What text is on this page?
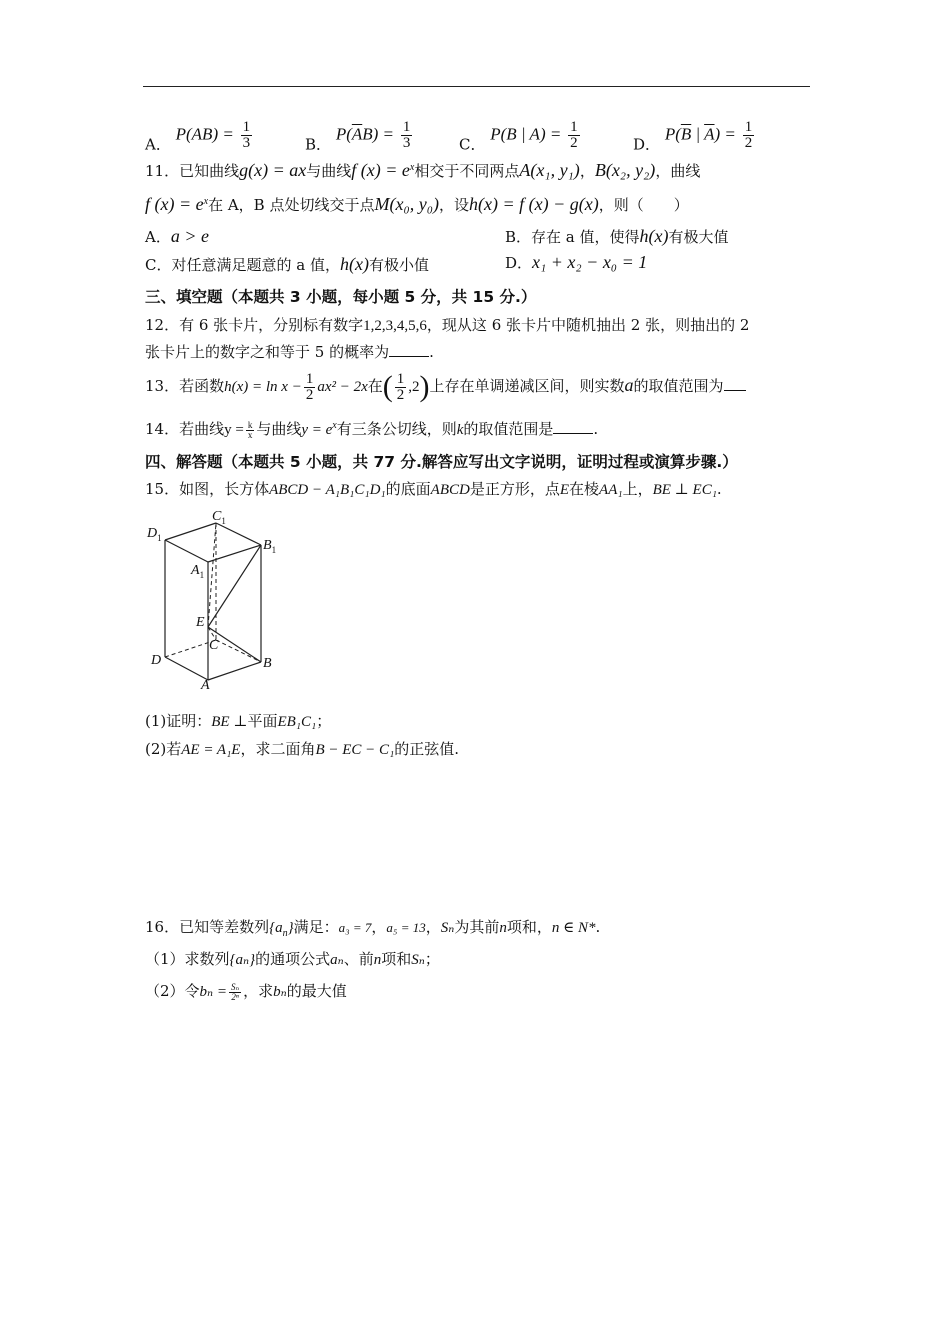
A． $P(AB) = \frac{1}{3}$	B． $P(\overline{A}B) = \frac{1}{3}$	C． P(B | $A) = \frac{1}{2}$	D． $P(\overline{B}$ | $\overline{A}) = \frac{1}{2}$
11．已知曲线g(x) = ax与曲线f $(x) = e^x$相交于不同两点A(x₁, y₁)，B(x₂, y₂)，曲线
f $(x) = e^x$在 A，B 点处切线交于点M(x₀, y₀)，设h(x) = f (x) − g(x)，则（　　）
A．a > e	B．存在 a 值，使得h(x)有极大值
C．对任意满足题意的 a 值，h(x)有极小值	D．x₁ + x₂ − x₀ = 1
三、填空题（本题共 3 小题，每小题 5 分，共 15 分.）
12．有 6 张卡片，分别标有数字1,2,3,4,5,6，现从这 6 张卡片中随机抽出 2 张，则抽出的 2
张卡片上的数字之和等于 5 的概率为	.
13．若函数$h(x) = \ln x - \frac{1}{2} ax^2 - 2x$在( $\frac{1}{2} ,2$)上存在单调递减区间，则实数a的取值范围为
14．若曲线$y = \frac{k}{x}$ 与曲线$y = e^x$有三条公切线，则k的取值范围是	.
四、解答题（本题共 5 小题，共 77 分.解答应写出文字说明，证明过程或演算步骤.）
15．如图，长方体ABCD − A₁B₁C₁D₁的底面ABCD是正方形，点E在棱AA₁上，BE ⊥ EC₁.
$C_1$
$D_1$
$B_1$
$A_1$
E
C
D	B
A
(1)证明：BE ⊥平面EB₁C₁；
(2)若AE = A₁E，求二面角B − EC − C₁的正弦值.
16．已知等差数列$\{a_n\}$满足：a₃ = 7，a₅ = 13，Sₙ为其前n项和，n ∈ N*.
（1）求数列{aₙ}的通项公式aₙ、前n项和Sₙ；
（2）令$b_n = \frac{\text{Sₙ}}{\text{2ⁿ}}$ ，求bₙ的最大值
